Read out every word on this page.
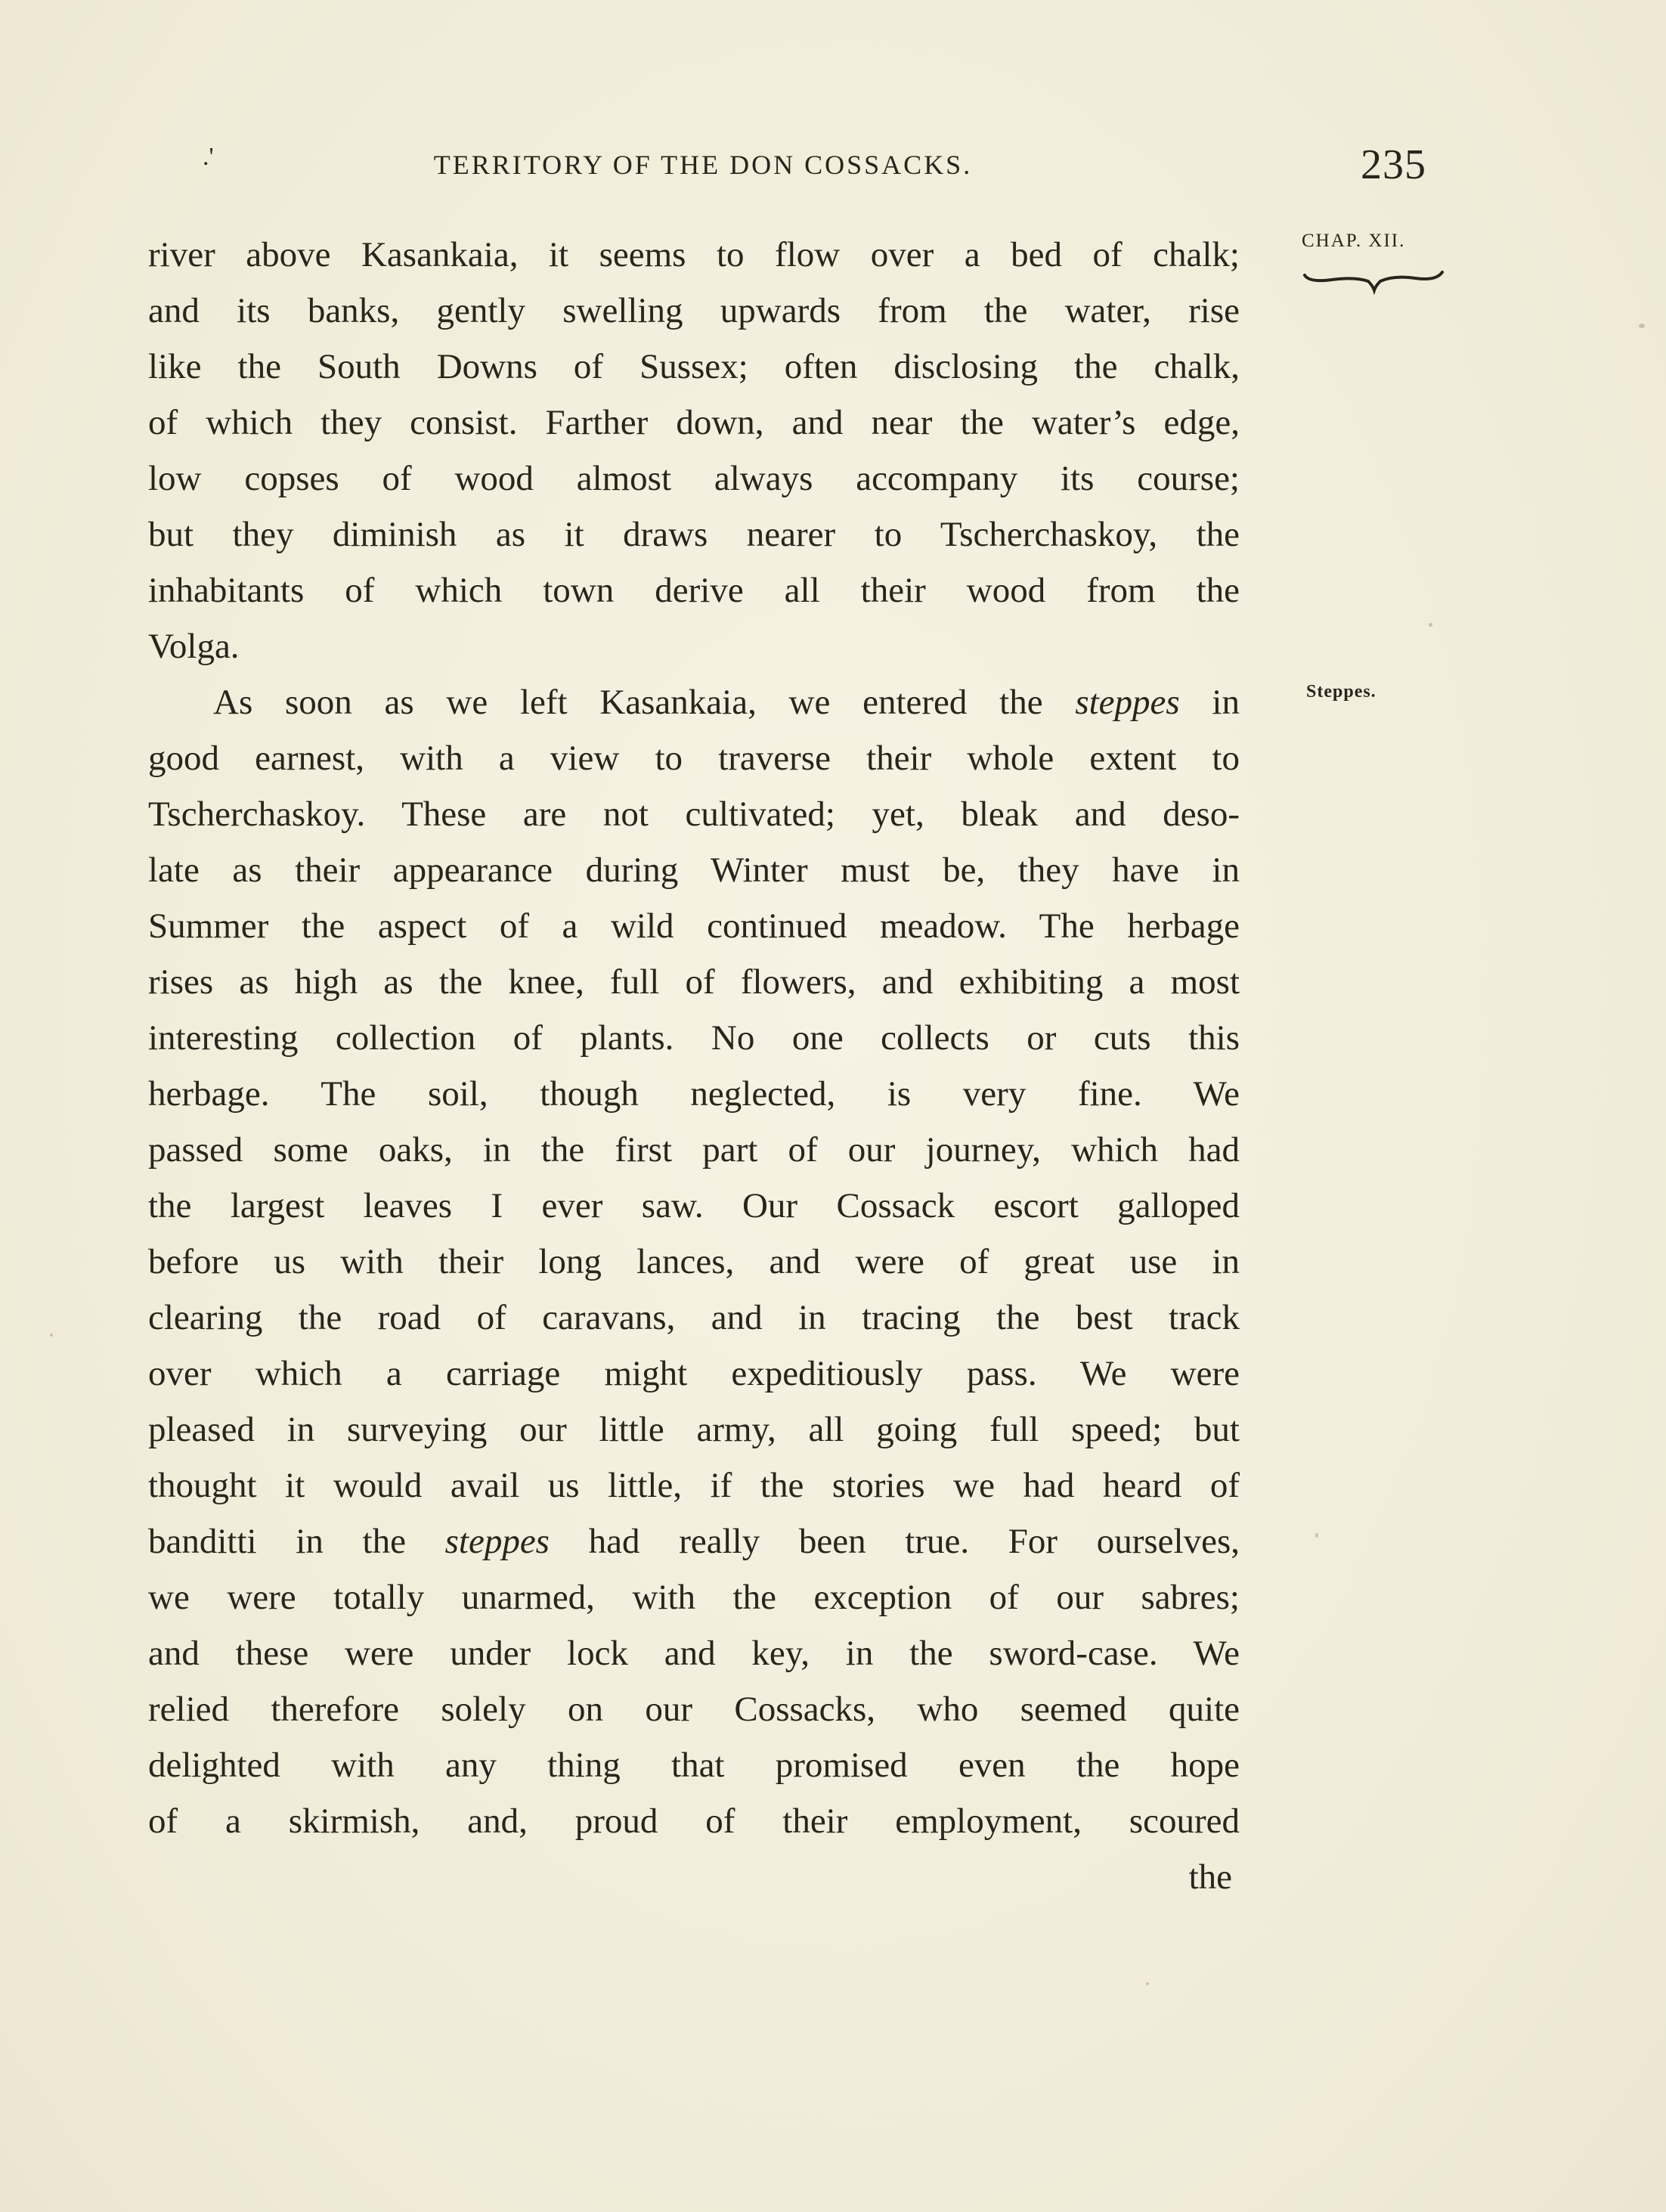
.'	TERRITORY OF THE DON COSSACKS.	235
CHAP. XII.
Steppes.
river above Kasankaia, it seems to flow over a bed of chalk;
and its banks, gently swelling upwards from the water, rise
like the South Downs of Sussex; often disclosing the chalk,
of which they consist. Farther down, and near the water’s edge,
low copses of wood almost always accompany its course;
but they diminish as it draws nearer to Tscherchaskoy, the
inhabitants of which town derive all their wood from the
Volga.
As soon as we left Kasankaia, we entered the steppes in
good earnest, with a view to traverse their whole extent to
Tscherchaskoy. These are not cultivated; yet, bleak and deso-
late as their appearance during Winter must be, they have in
Summer the aspect of a wild continued meadow. The herbage
rises as high as the knee, full of flowers, and exhibiting a most
interesting collection of plants. No one collects or cuts this
herbage. The soil, though neglected, is very fine. We
passed some oaks, in the first part of our journey, which had
the largest leaves I ever saw. Our Cossack escort galloped
before us with their long lances, and were of great use in
clearing the road of caravans, and in tracing the best track
over which a carriage might expeditiously pass. We were
pleased in surveying our little army, all going full speed; but
thought it would avail us little, if the stories we had heard of
banditti in the steppes had really been true. For ourselves,
we were totally unarmed, with the exception of our sabres;
and these were under lock and key, in the sword-case. We
relied therefore solely on our Cossacks, who seemed quite
delighted with any thing that promised even the hope
of a skirmish, and, proud of their employment, scoured
the
